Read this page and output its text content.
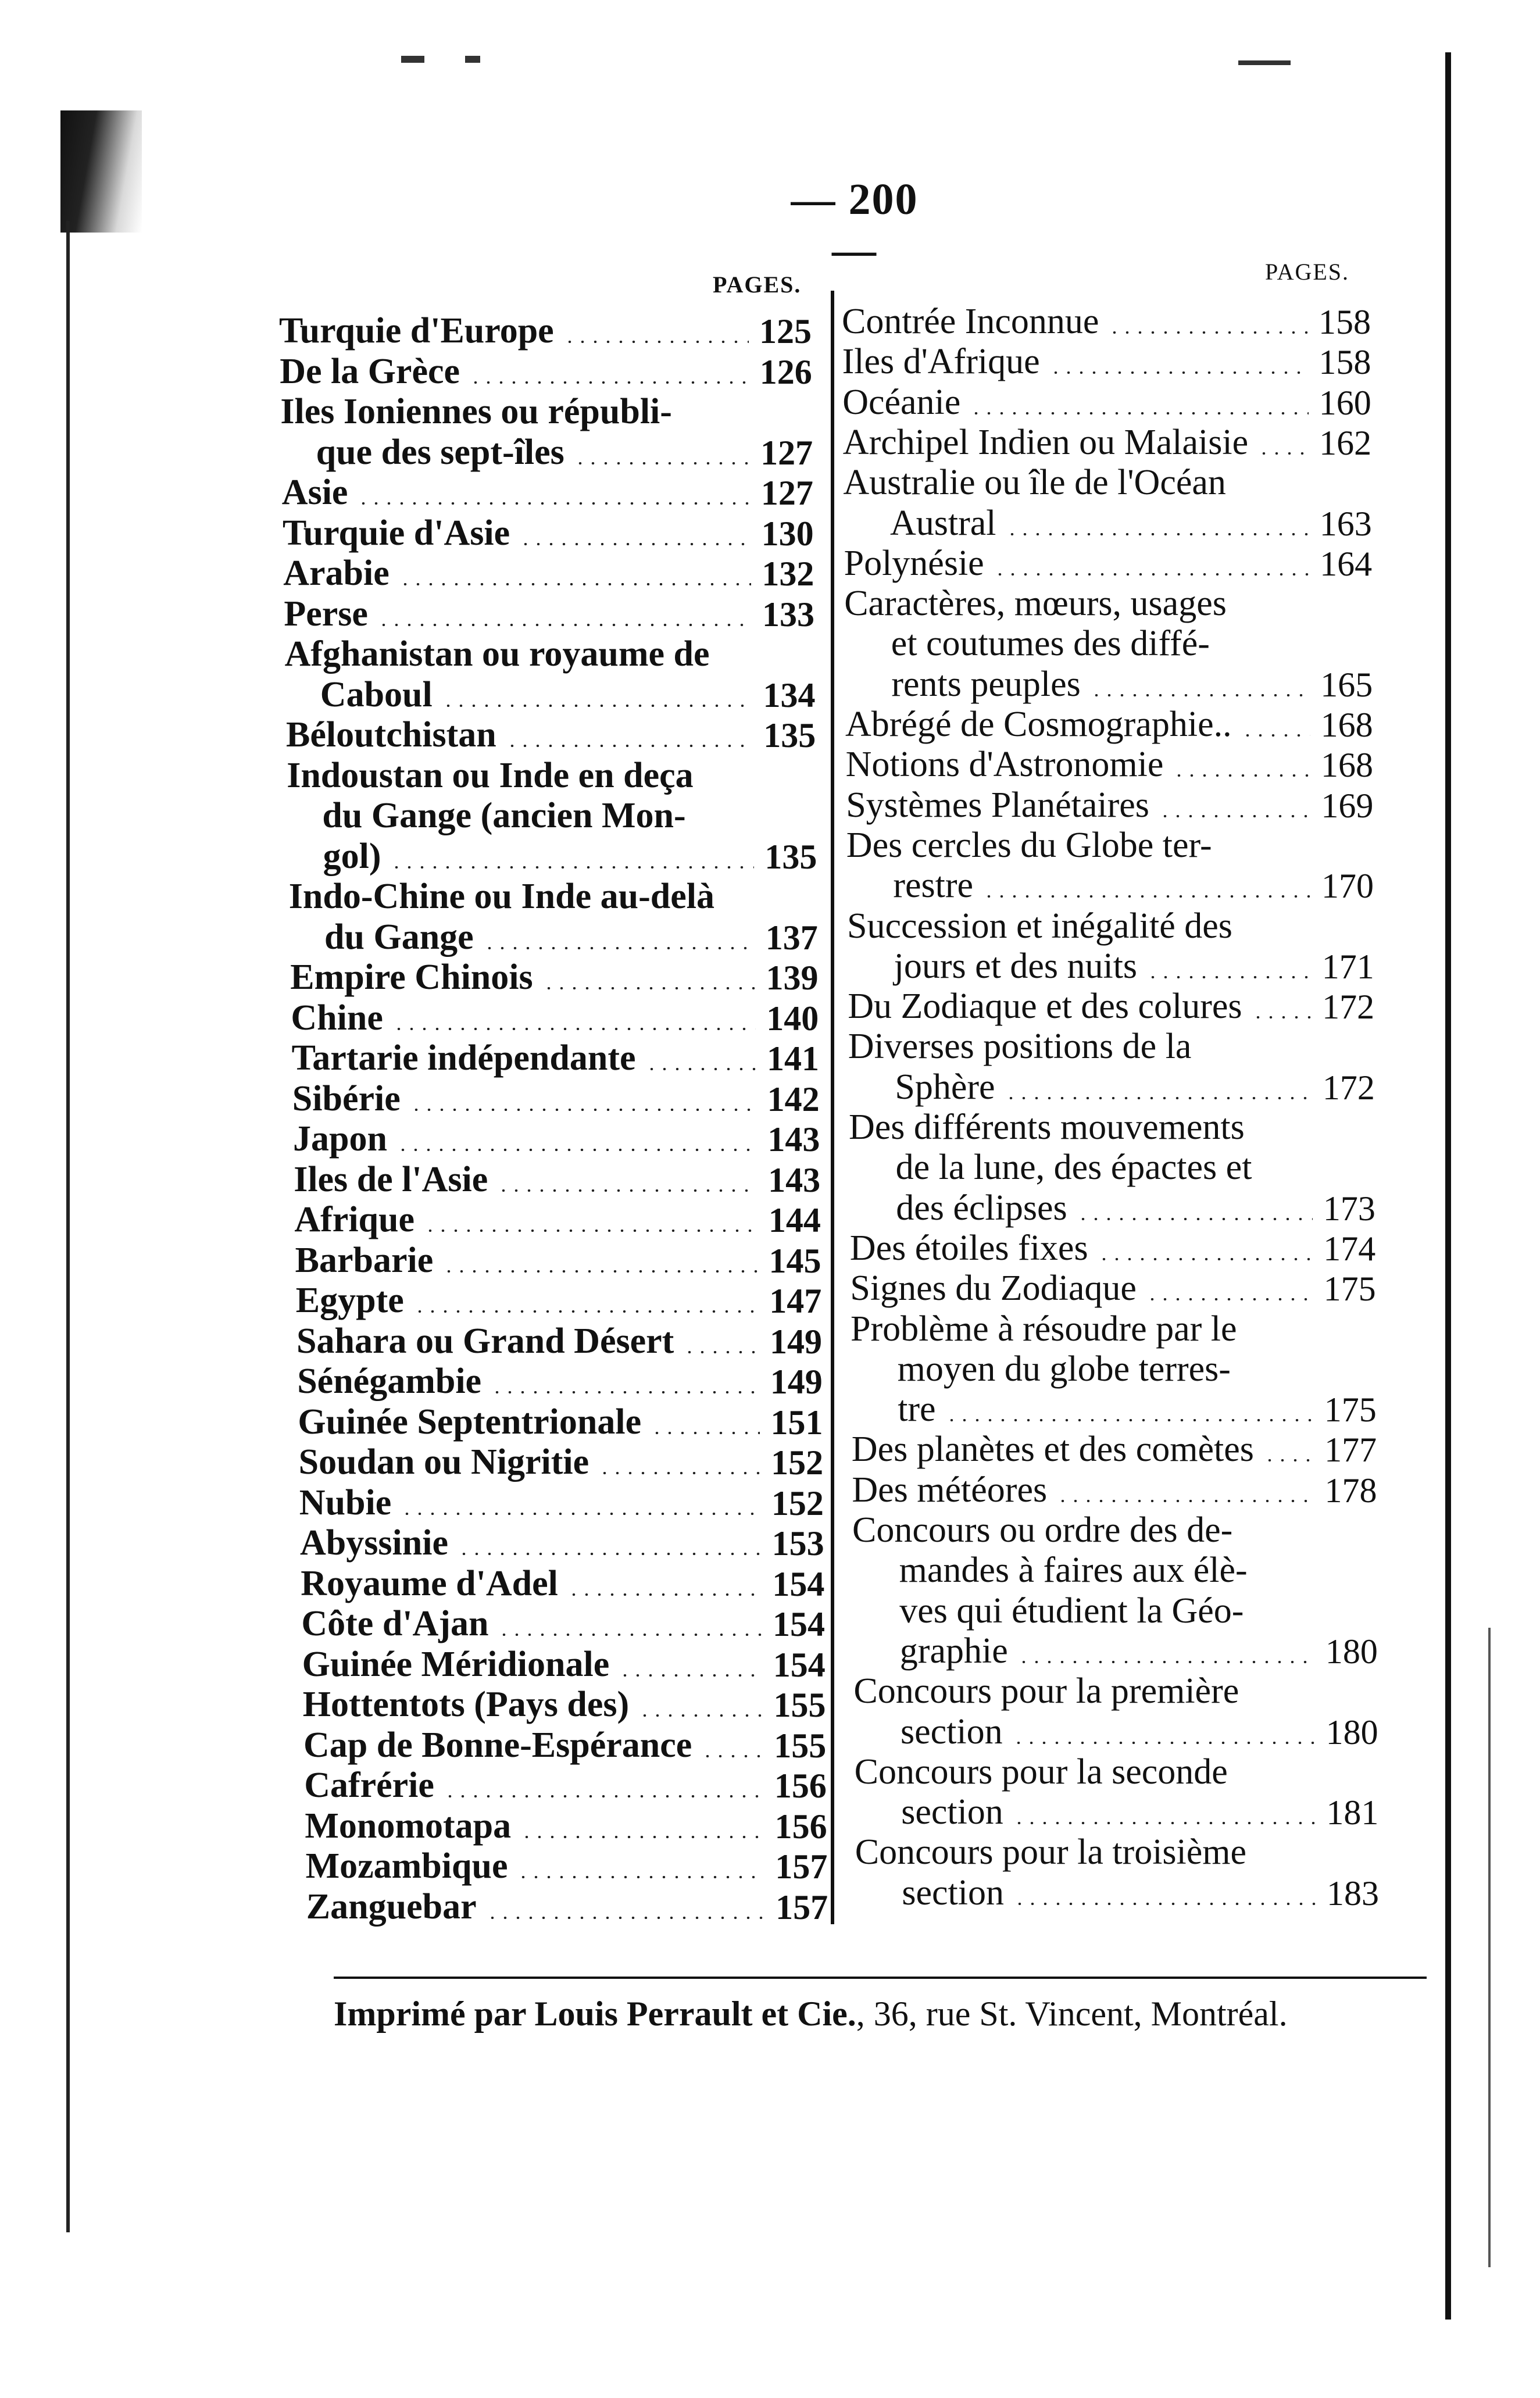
— 200 —
PAGES.	PAGES.
Turquie d'Europe	125
De la Grèce	126
Iles Ioniennes ou républi-
que des sept-îles	127
Asie	127
Turquie d'Asie	130
Arabie	132
Perse	133
Afghanistan ou royaume de
Caboul	134
Béloutchistan	135
Indoustan ou Inde en deça
du Gange (ancien Mon-
gol)	135
Indo-Chine ou Inde au-delà
du Gange	137
Empire Chinois	139
Chine	140
Tartarie indépendante	141
Sibérie	142
Japon	143
Iles de l'Asie	143
Afrique	144
Barbarie	145
Egypte	147
Sahara ou Grand Désert	149
Sénégambie	149
Guinée Septentrionale	151
Soudan ou Nigritie	152
Nubie	152
Abyssinie	153
Royaume d'Adel	154
Côte d'Ajan	154
Guinée Méridionale	154
Hottentots (Pays des)	155
Cap de Bonne-Espérance 155
Cafrérie	156
Monomotapa	156
Mozambique	157
Zanguebar	157
Contrée Inconnue	158
Iles d'Afrique	158
Océanie	160
Archipel Indien ou Malaisie 162
Australie ou île de l'Océan
Austral	163
Polynésie	164
Caractères, mœurs, usages
et coutumes des diffé-
rents peuples	165
Abrégé de Cosmographie..	168
Notions d'Astronomie	168
Systèmes Planétaires	169
Des cercles du Globe ter-
restre	170
Succession et inégalité des
jours et des nuits	171
Du Zodiaque et des colures 172
Diverses positions de la
Sphère	172
Des différents mouvements
de la lune, des épactes et
des éclipses	173
Des étoiles fixes	174
Signes du Zodiaque	175
Problème à résoudre par le
moyen du globe terres-
tre	175
Des planètes et des comètes 177
Des météores	178
Concours ou ordre des de-
mandes à faires aux élè-
ves qui étudient la Géo-
graphie	180
Concours pour la première
section	180
Concours pour la seconde
section	181
Concours pour la troisième
section	183
Imprimé par Louis Perrault et Cie., 36, rue St. Vincent, Montréal.
